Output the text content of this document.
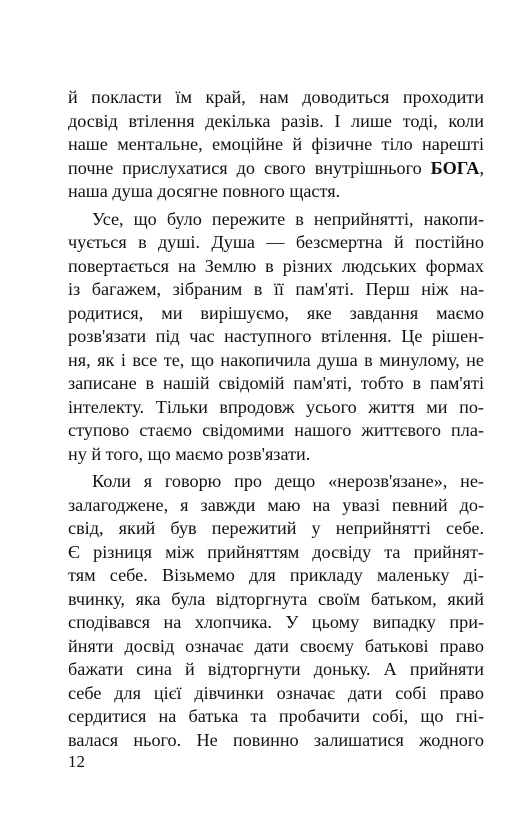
й покласти їм край, нам доводиться проходити
досвід втілення декілька разів. І лише тоді, коли
наше ментальне, емоційне й фізичне тіло нарешті
почне прислухатися до свого внутрішнього БОГА,
наша душа досягне повного щастя.
Усе, що було пережите в неприйнятті, накопи-
чується в душі. Душа — безсмертна й постійно
повертається на Землю в різних людських формах
із багажем, зібраним в її пам'яті. Перш ніж на-
родитися, ми вирішуємо, яке завдання маємо
розв'язати під час наступного втілення. Це рішен-
ня, як і все те, що накопичила душа в минулому, не
записане в нашій свідомій пам'яті, тобто в пам'яті
інтелекту. Тільки впродовж усього життя ми по-
ступово стаємо свідомими нашого життєвого пла-
ну й того, що маємо розв'язати.
Коли я говорю про дещо «нерозв'язане», не-
залагоджене, я завжди маю на увазі певний до-
свід, який був пережитий у неприйнятті себе.
Є різниця між прийняттям досвіду та прийнят-
тям себе. Візьмемо для прикладу маленьку ді-
вчинку, яка була відторгнута своїм батьком, який
сподівався на хлопчика. У цьому випадку при-
йняти досвід означає дати своєму батькові право
бажати сина й відторгнути доньку. А прийняти
себе для цієї дівчинки означає дати собі право
сердитися на батька та пробачити собі, що гні-
валася нього. Не повинно залишатися жодного
12
